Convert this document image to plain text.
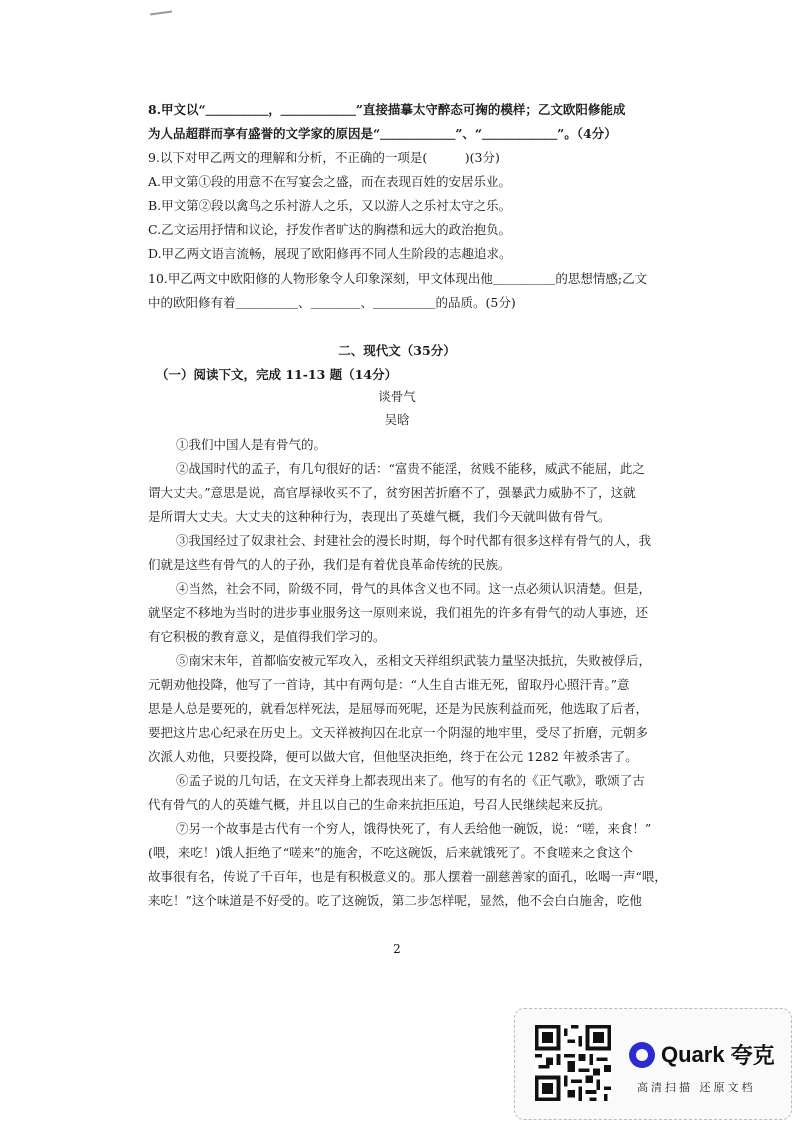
8.甲文以“＿＿＿＿＿，＿＿＿＿＿＿”直接描摹太守醉态可掬的模样；乙文欧阳修能成
为人品超群而享有盛誉的文学家的原因是“＿＿＿＿＿＿”、“＿＿＿＿＿＿”。（4分）
9.以下对甲乙两文的理解和分析，不正确的一项是(　　　)(3分)
A.甲文第①段的用意不在写宴会之盛，而在表现百姓的安居乐业。
B.甲文第②段以禽鸟之乐衬游人之乐，又以游人之乐衬太守之乐。
C.乙文运用抒情和议论，抒发作者旷达的胸襟和远大的政治抱负。
D.甲乙两文语言流畅，展现了欧阳修再不同人生阶段的志趣追求。
10.甲乙两文中欧阳修的人物形象令人印象深刻，甲文体现出他＿＿＿＿＿的思想情感;乙文
中的欧阳修有着＿＿＿＿＿、＿＿＿＿、＿＿＿＿＿的品质。(5分)
二、现代文（35分）
（一）阅读下文，完成 11-13 题（14分）
谈骨气
吴晗
①我们中国人是有骨气的。
②战国时代的孟子，有几句很好的话：“富贵不能淫，贫贱不能移，威武不能屈，此之
谓大丈夫。”意思是说，高官厚禄收买不了，贫穷困苦折磨不了，强暴武力威胁不了，这就
是所谓大丈夫。大丈夫的这种种行为，表现出了英雄气概，我们今天就叫做有骨气。
③我国经过了奴隶社会、封建社会的漫长时期，每个时代都有很多这样有骨气的人，我
们就是这些有骨气的人的子孙，我们是有着优良革命传统的民族。
④当然，社会不同，阶级不同，骨气的具体含义也不同。这一点必须认识清楚。但是，
就坚定不移地为当时的进步事业服务这一原则来说，我们祖先的许多有骨气的动人事迹，还
有它积极的教育意义，是值得我们学习的。
⑤南宋末年，首都临安被元军攻入，丞相文天祥组织武装力量坚决抵抗，失败被俘后，
元朝劝他投降，他写了一首诗，其中有两句是：“人生自古谁无死，留取丹心照汗青。”意
思是人总是要死的，就看怎样死法，是屈辱而死呢，还是为民族利益而死，他选取了后者，
要把这片忠心纪录在历史上。文天祥被拘囚在北京一个阴湿的地牢里，受尽了折磨，元朝多
次派人劝他，只要投降，便可以做大官，但他坚决拒绝，终于在公元 1282 年被杀害了。
⑥孟子说的几句话，在文天祥身上都表现出来了。他写的有名的《正气歌》，歌颂了古
代有骨气的人的英雄气概，并且以自己的生命来抗拒压迫，号召人民继续起来反抗。
⑦另一个故事是古代有一个穷人，饿得快死了，有人丢给他一碗饭，说：“嗟，来食！”
(喂，来吃！)饿人拒绝了“嗟来”的施舍，不吃这碗饭，后来就饿死了。不食嗟来之食这个
故事很有名，传说了千百年，也是有积极意义的。那人摆着一副慈善家的面孔，吆喝一声“喂，
来吃！”这个味道是不好受的。吃了这碗饭，第二步怎样呢，显然，他不会白白施舍，吃他
2
Quark 夸克
高清扫描 还原文档
